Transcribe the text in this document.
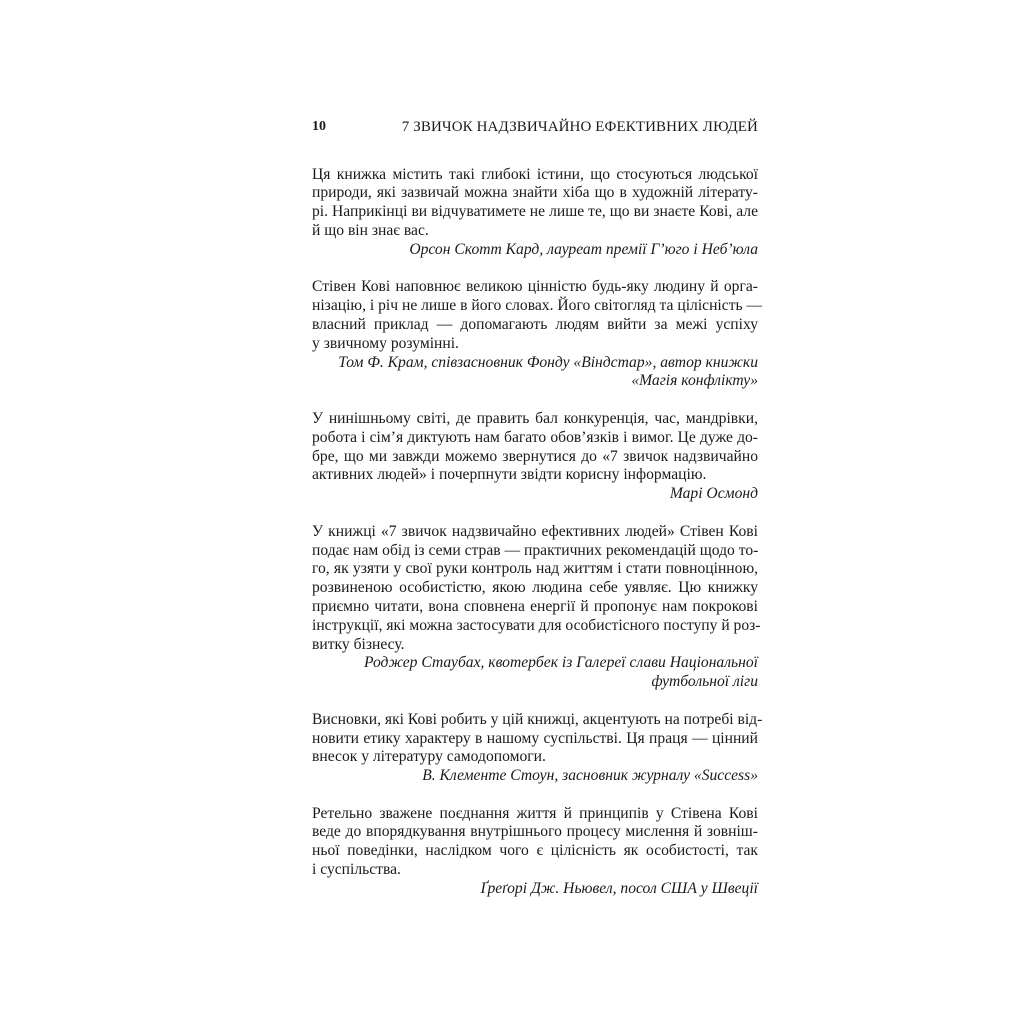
10	7 ЗВИЧОК НАДЗВИЧАЙНО ЕФЕКТИВНИХ ЛЮДЕЙ
Ця книжка містить такі глибокі істини, що стосуються людської
природи, які зазвичай можна знайти хіба що в художній літерату-
рі. Наприкінці ви відчуватимете не лише те, що ви знаєте Кові, але
й що він знає вас.
Орсон Скотт Кард, лауреат премії Г’юго і Неб’юла
Стівен Кові наповнює великою цінністю будь-яку людину й орга-
нізацію, і річ не лише в його словах. Його світогляд та цілісність —
власний приклад — допомагають людям вийти за межі успіху
у звичному розумінні.
Том Ф. Крам, співзасновник Фонду «Віндстар», автор книжки
«Магія конфлікту»
У нинішньому світі, де править бал конкуренція, час, мандрівки,
робота і сім’я диктують нам багато обов’язків і вимог. Це дуже до-
бре, що ми завжди можемо звернутися до «7 звичок надзвичайно
активних людей» і почерпнути звідти корисну інформацію.
Марі Осмонд
У книжці «7 звичок надзвичайно ефективних людей» Стівен Кові
подає нам обід із семи страв — практичних рекомендацій щодо то-
го, як узяти у свої руки контроль над життям і стати повноцінною,
розвиненою особистістю, якою людина себе уявляє. Цю книжку
приємно читати, вона сповнена енергії й пропонує нам покрокові
інструкції, які можна застосувати для особистісного поступу й роз-
витку бізнесу.
Роджер Стаубах, квотербек із Галереї слави Національної
футбольної ліги
Висновки, які Кові робить у цій книжці, акцентують на потребі від-
новити етику характеру в нашому суспільстві. Ця праця — цінний
внесок у літературу самодопомоги.
В. Клементе Стоун, засновник журналу «Success»
Ретельно зважене поєднання життя й принципів у Стівена Кові
веде до впорядкування внутрішнього процесу мислення й зовніш-
ньої поведінки, наслідком чого є цілісність як особистості, так
і суспільства.
Ґреґорі Дж. Ньювел, посол США у Швеції
